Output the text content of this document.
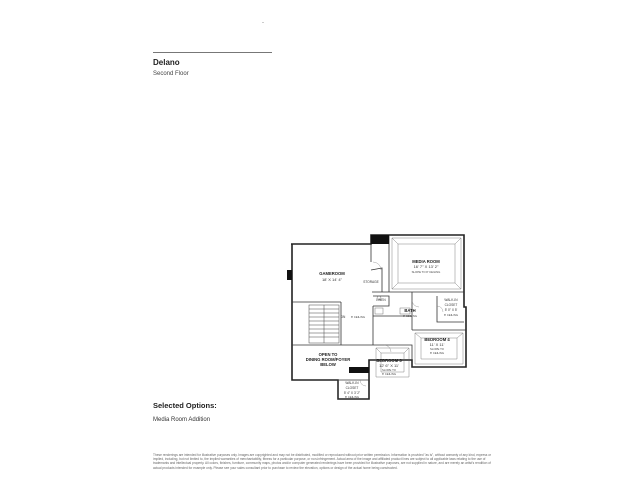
Delano
Second Floor
GAMEROOM
18' X 14' 4"
MEDIA ROOM
16' 7" X 13' 2"
SLOPE TO 8' CEILING
STORAGE
LINEN	WALK-IN
CLOSET
5' 0" X 5'
8' CEILING
BATH
8' CEILING
8' CEILING
DN
BEDROOM 4
11' X 11'
SLOPE TO
8' CEILING
OPEN TO
DINING ROOM/FOYER
BELOW
BEDROOM 3
12' 6" X 11'
SLOPE TO
8' CEILING
WALK-IN
CLOSET
5' 4" X 3' 2"
8' CEILING
Selected Options:
Media Room Addition
These renderings are intended for illustrative purposes only. Images are copyrighted and may not be distributed, modified or reproduced without prior written permission. Information is provided "as is", without warranty of any kind, express or implied, including, but not limited to, the implied warranties of merchantability, fitness for a particular purpose, or non-infringement. Actual area of the image and affiliated product lines are subject to all applicable laws relating to the use of trademarks and intellectual property. All colors, finishes, furniture, community maps, photos and/or computer generated renderings have been provided for illustrative purposes, are not supplied in nature, and are merely an artist's rendition of actual products intended for example only. Please see your sales consultant prior to purchase to review the elevation, options or design of the actual home being constructed.
